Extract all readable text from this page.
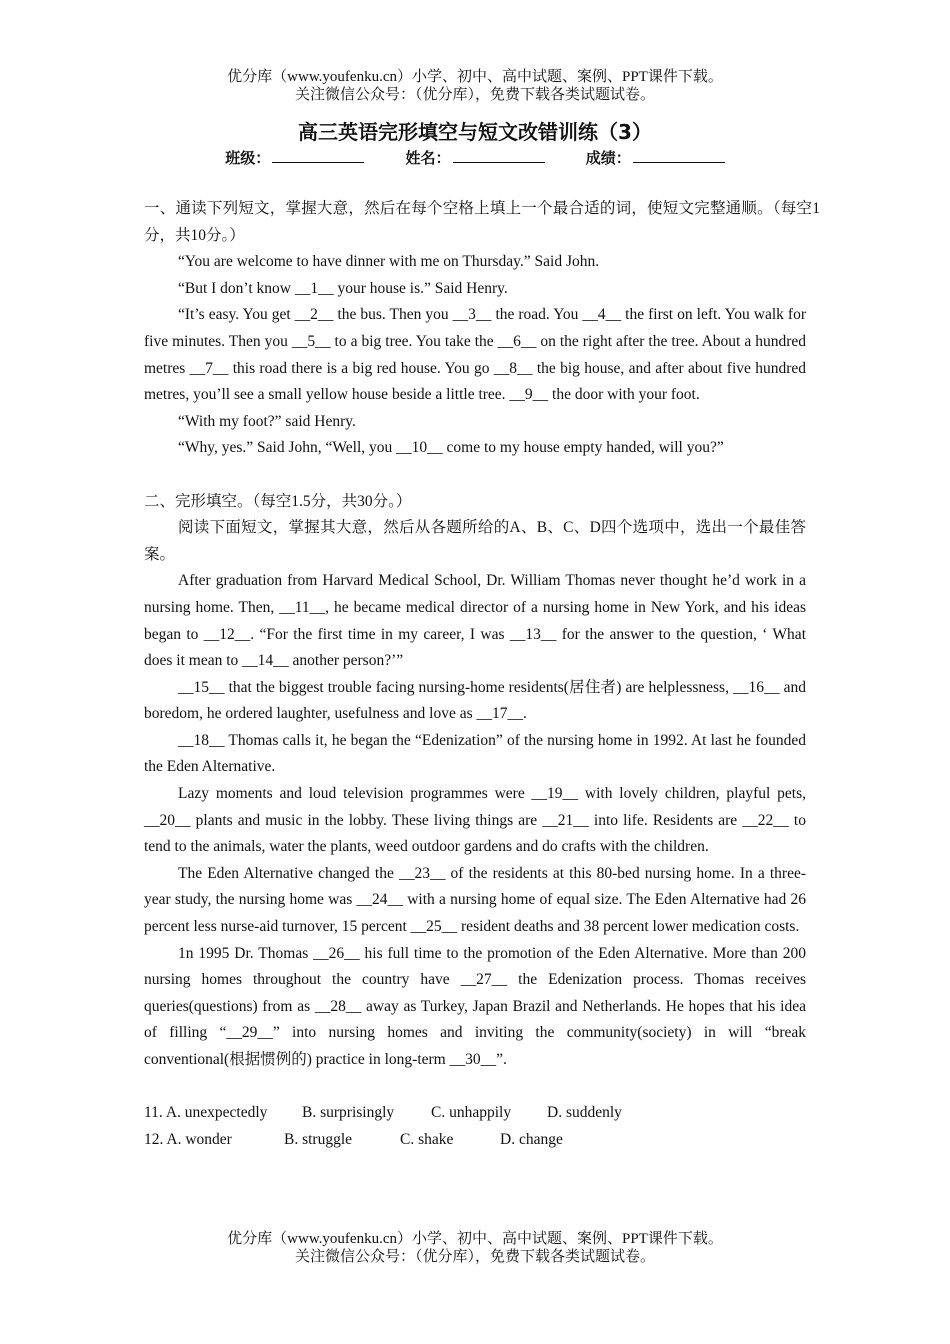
优分库（www.youfenku.cn）小学、初中、高中试题、案例、PPT课件下载。
关注微信公众号：（优分库），免费下载各类试题试卷。
高三英语完形填空与短文改错训练（3）
班级：	姓名：	成绩：

一、通读下列短文，掌握大意，然后在每个空格上填上一个最合适的词，使短文完整通顺。（每空1分，共10分。）

“You are welcome to have dinner with me on Thursday.” Said John.

“But I don’t know __1__ your house is.” Said Henry.

“It’s easy. You get __2__ the bus. Then you __3__ the road. You __4__ the first on left. You walk for five minutes. Then you __5__ to a big tree. You take the __6__ on the right after the tree. About a hundred metres __7__ this road there is a big red house. You go __8__ the big house, and after about five hundred metres, you’ll see a small yellow house beside a little tree. __9__ the door with your foot.

“With my foot?” said Henry.

“Why, yes.” Said John, “Well, you __10__ come to my house empty handed, will you?”

二、完形填空。（每空1.5分，共30分。）

阅读下面短文，掌握其大意，然后从各题所给的A、B、C、D四个选项中，选出一个最佳答案。

After graduation from Harvard Medical School, Dr. William Thomas never thought he’d work in a nursing home. Then, __11__, he became medical director of a nursing home in New York, and his ideas began to __12__. “For the first time in my career, I was __13__ for the answer to the question, ‘ What does it mean to __14__ another person?’”

__15__ that the biggest trouble facing nursing-home residents(居住者) are helplessness, __16__ and boredom, he ordered laughter, usefulness and love as __17__.

__18__ Thomas calls it, he began the “Edenization” of the nursing home in 1992. At last he founded the Eden Alternative.

Lazy moments and loud television programmes were __19__ with lovely children, playful pets, __20__ plants and music in the lobby. These living things are __21__ into life. Residents are __22__ to tend to the animals, water the plants, weed outdoor gardens and do crafts with the children.

The Eden Alternative changed the __23__ of the residents at this 80-bed nursing home. In a three-year study, the nursing home was __24__ with a nursing home of equal size. The Eden Alternative had 26 percent less nurse-aid turnover, 15 percent __25__ resident deaths and 38 percent lower medication costs.

1n 1995 Dr. Thomas __26__ his full time to the promotion of the Eden Alternative. More than 200 nursing homes throughout the country have __27__ the Edenization process. Thomas receives queries(questions) from as __28__ away as Turkey, Japan Brazil and Netherlands. He hopes that his idea of filling “__29__” into nursing homes and inviting the community(society) in will “break conventional(根据惯例的) practice in long-term __30__”.

11. A. unexpectedly	B. surprisingly	C. unhappily	D. suddenly
12. A. wonder	B. struggle	C. shake	D. change
优分库（www.youfenku.cn）小学、初中、高中试题、案例、PPT课件下载。
关注微信公众号：（优分库），免费下载各类试题试卷。
